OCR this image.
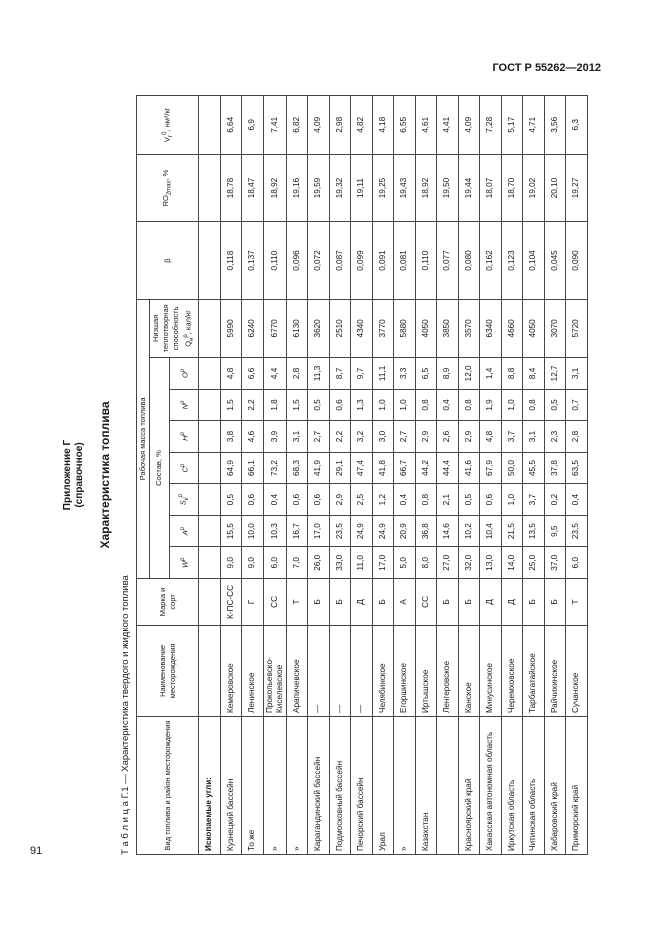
ГОСТ Р 55262—2012
Приложение Г (справочное) Характеристика топлива
Т а б л и ц а Г.1 — Характеристика твердого и жидкого топлива	Вид топлива и район месторождения	Наименование месторождения	Марка и сорт	Рабочая масса топлива								β	$RO_{2max}$, %	$V_г^0$, нм³/кг
			Состав, %							Низшая теплотворная способность $Q_н^р$, кал/кг			
			$W^р$	$A^р$	$S_к^р$	$C^р$	$H^р$	$N^р$	$O^р$
Ископаемые угли:													
Кузнецкий бассейн	Кемеровское	К-ПС-СС	9,0	15,5	0,5	64,9	3,8	1,5	4,8	5990	0,118	18,78	6,64
То же	Ленинское	Г	9,0	10,0	0,6	66,1	4,6	2,2	6,6	6240	0,137	18,47	6,9
»	Прокопьевско-Киселевское	СС	6,0	10,3	0,4	73,2	3,9	1,8	4,4	6770	0,110	18,92	7,41
»	Арапичевское	Т	7,0	16,7	0,6	68,3	3,1	1,5	2,8	6130	0,096	19,16	6,82
Карагандинский бассейн	—	Б	26,0	17,0	0,6	41,9	2,7	0,5	11,3	3620	0,072	19,59	4,09
Подмосковный бассейн	—	Б	33,0	23,5	2,9	29,1	2,2	0,6	8,7	2510	0,087	19,32	2,98
Печорский бассейн	—	Д	11,0	24,9	2,5	47,4	3,2	1,3	9,7	4340	0,099	19,11	4,82
Урал	Челябинское	Б	17,0	24,9	1,2	41,8	3,0	1,0	11,1	3770	0,091	19,25	4,18
»	Егоршинское	А	5,0	20,9	0,4	66,7	2,7	1,0	3,3	5880	0,081	19,43	6,55
Казахстан	Иртышское	СС	8,0	36,8	0,8	44,2	2,9	0,8	6,5	4050	0,110	18,92	4,61
	Ленгеровское	Б	27,0	14,6	2,1	44,4	2,6	0,4	8,9	3850	0,077	19,50	4,41
Красноярский край	Канское	Б	32,0	10,2	0,5	41,6	2,9	0,8	12,0	3570	0,080	19,44	4,09
Хакасская автономная область	Минусинское	Д	13,0	10,4	0,6	67,9	4,8	1,9	1,4	6340	0,162	18,07	7,28
Иркутская область	Черемховское	Д	14,0	21,5	1,0	50,0	3,7	1,0	8,8	4660	0,123	18,70	5,17
Читинская область	Тарбагатайское	Б	25,0	13,5	3,7	45,5	3,1	0,8	8,4	4050	0,104	19,02	4,71
Хабаровский край	Райчихинское	Б	37,0	9,5	0,2	37,8	2,3	0,5	12,7	3070	0,045	20,10	3,56
Приморский край	Сучанское	Т	6,0	23,5	0,4	63,5	2,8	0,7	3,1	5720	0,090	19,27	6,3
91
